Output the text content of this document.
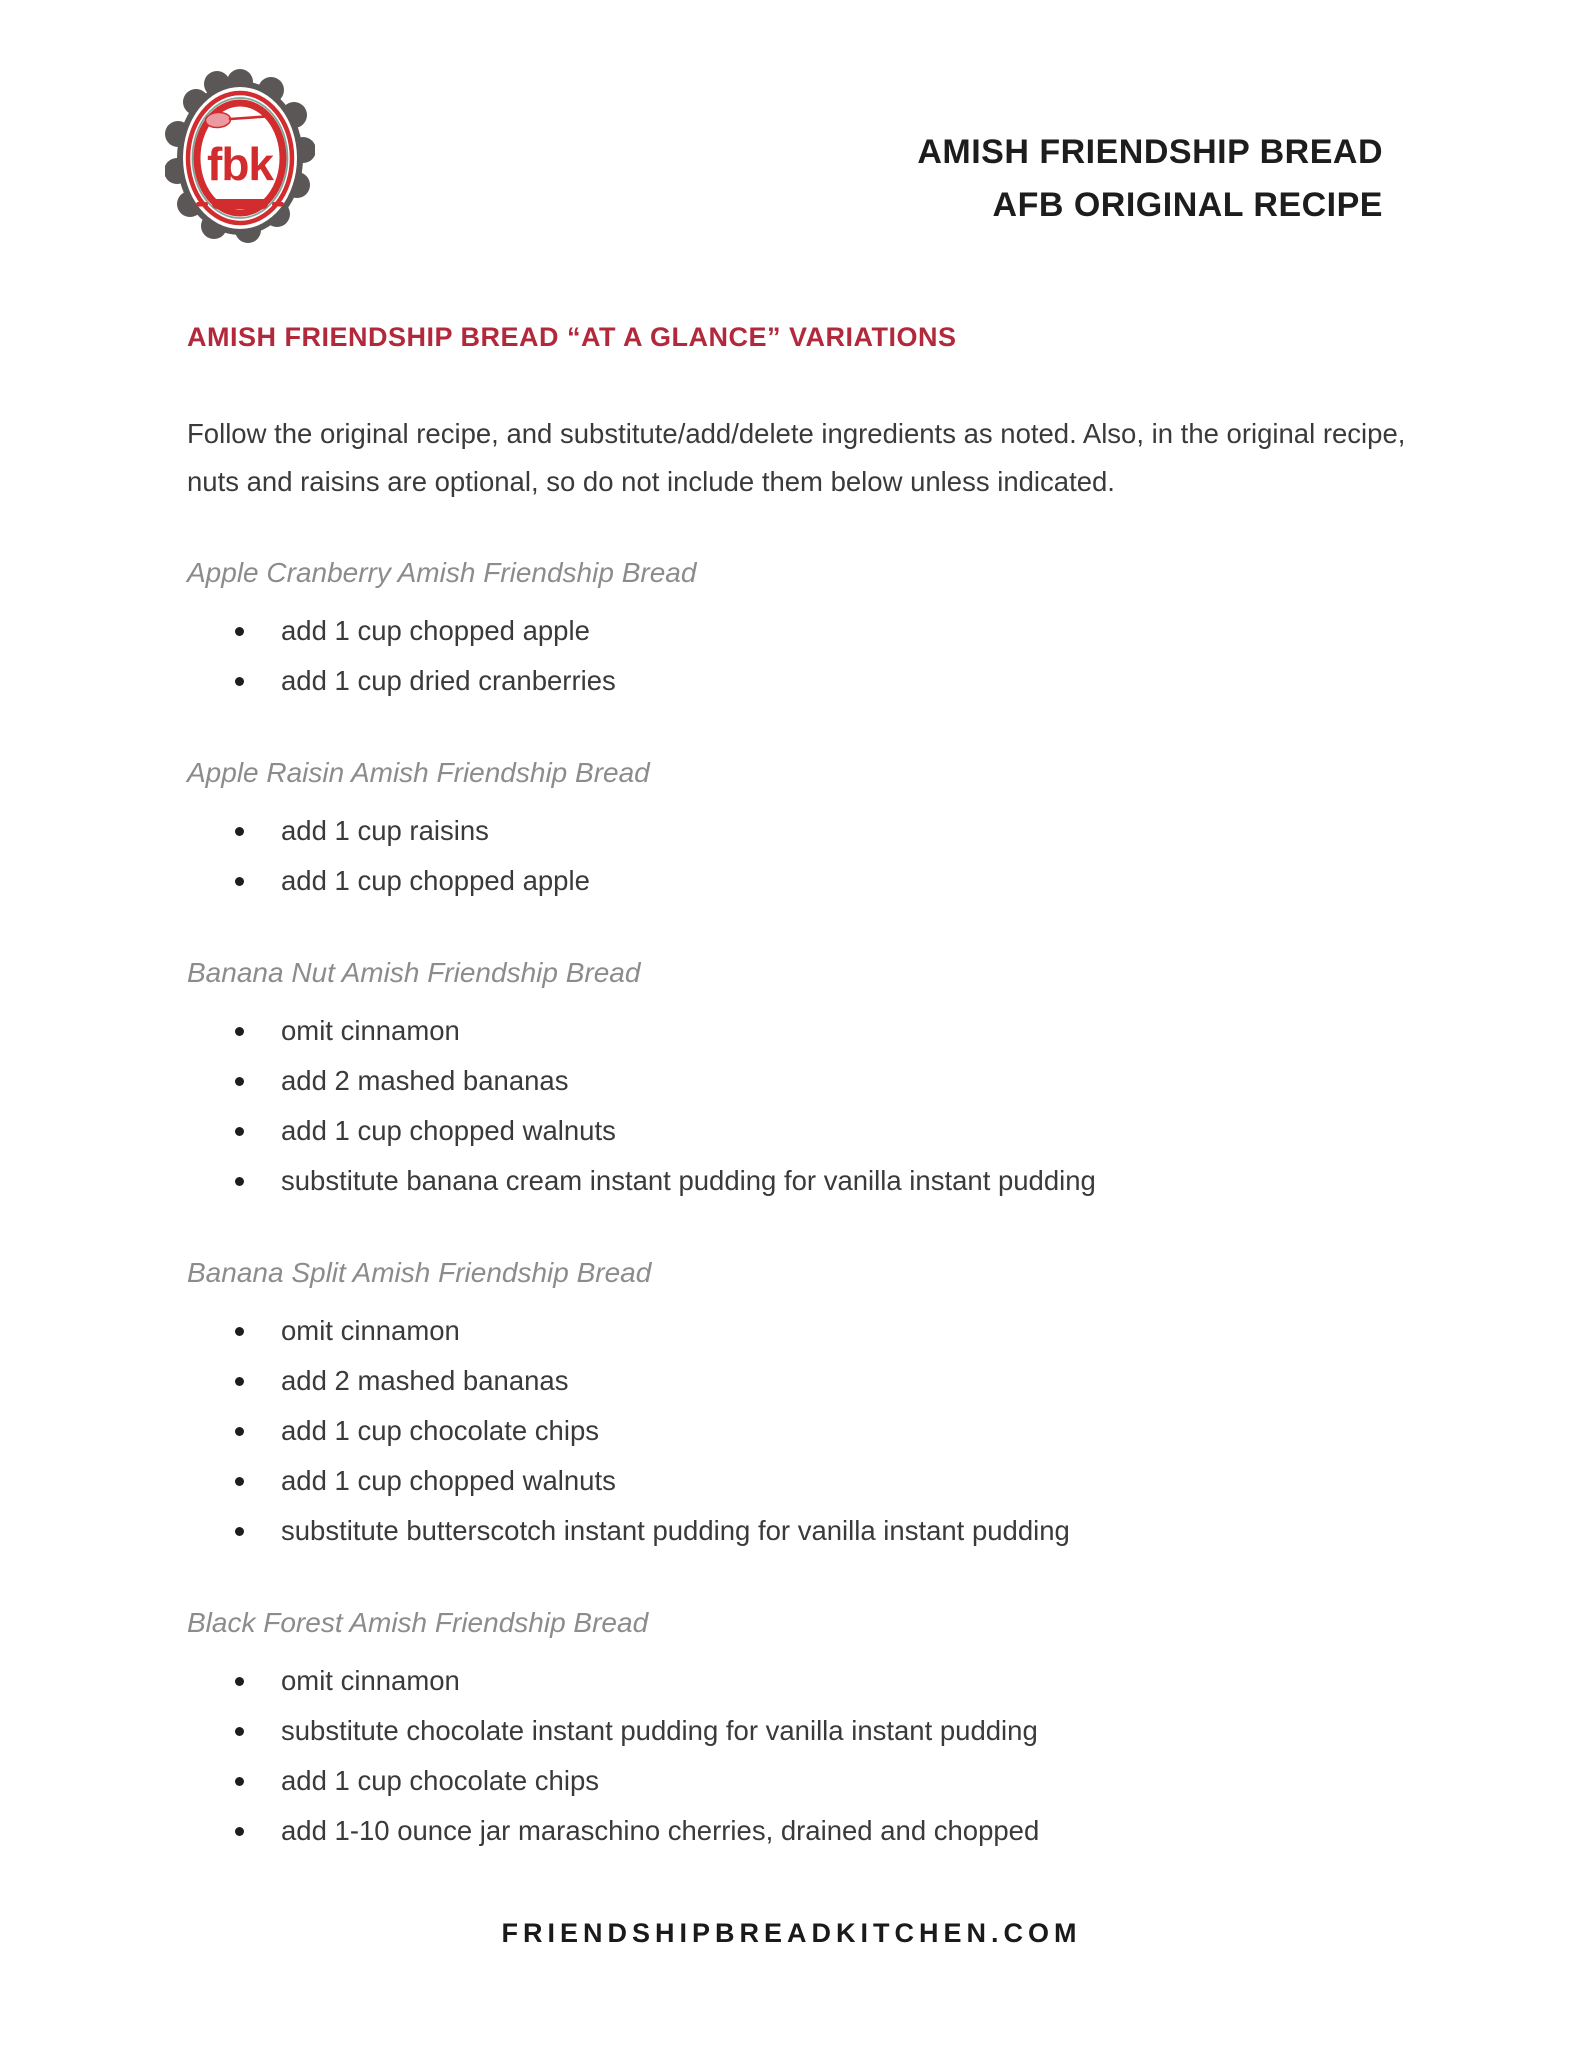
fbk	AMISH FRIENDSHIP BREAD
AFB ORIGINAL RECIPE
AMISH FRIENDSHIP BREAD “AT A GLANCE” VARIATIONS

Follow the original recipe, and substitute/add/delete ingredients as noted. Also, in the original recipe, nuts and raisins are optional, so do not include them below unless indicated.

Apple Cranberry Amish Friendship Bread
add 1 cup chopped apple
add 1 cup dried cranberries
Apple Raisin Amish Friendship Bread
add 1 cup raisins
add 1 cup chopped apple
Banana Nut Amish Friendship Bread
omit cinnamon
add 2 mashed bananas
add 1 cup chopped walnuts
substitute banana cream instant pudding for vanilla instant pudding
Banana Split Amish Friendship Bread
omit cinnamon
add 2 mashed bananas
add 1 cup chocolate chips
add 1 cup chopped walnuts
substitute butterscotch instant pudding for vanilla instant pudding
Black Forest Amish Friendship Bread
omit cinnamon
substitute chocolate instant pudding for vanilla instant pudding
add 1 cup chocolate chips
add 1-10 ounce jar maraschino cherries, drained and chopped
FRIENDSHIPBREADKITCHEN.COM
